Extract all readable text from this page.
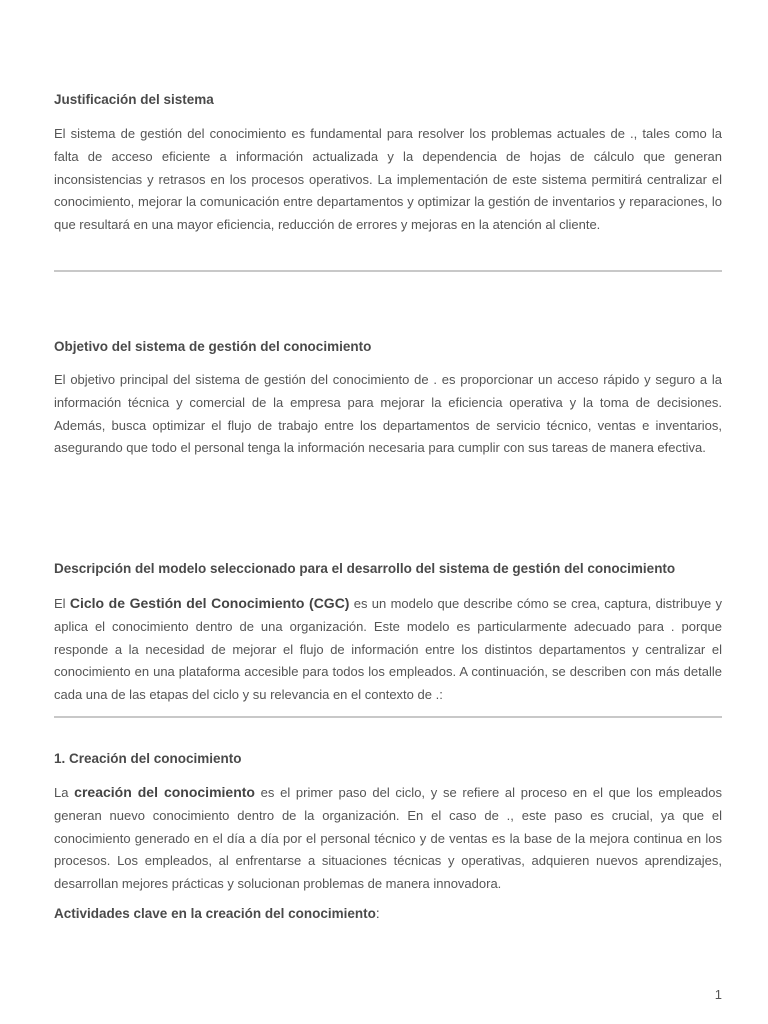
Justificación del sistema

El sistema de gestión del conocimiento es fundamental para resolver los problemas actuales de ., tales como la falta de acceso eficiente a información actualizada y la dependencia de hojas de cálculo que generan inconsistencias y retrasos en los procesos operativos. La implementación de este sistema permitirá centralizar el conocimiento, mejorar la comunicación entre departamentos y optimizar la gestión de inventarios y reparaciones, lo que resultará en una mayor eficiencia, reducción de errores y mejoras en la atención al cliente.

Objetivo del sistema de gestión del conocimiento

El objetivo principal del sistema de gestión del conocimiento de . es proporcionar un acceso rápido y seguro a la información técnica y comercial de la empresa para mejorar la eficiencia operativa y la toma de decisiones. Además, busca optimizar el flujo de trabajo entre los departamentos de servicio técnico, ventas e inventarios, asegurando que todo el personal tenga la información necesaria para cumplir con sus tareas de manera efectiva.

Descripción del modelo seleccionado para el desarrollo del sistema de gestión del conocimiento

El Ciclo de Gestión del Conocimiento (CGC) es un modelo que describe cómo se crea, captura, distribuye y aplica el conocimiento dentro de una organización. Este modelo es particularmente adecuado para . porque responde a la necesidad de mejorar el flujo de información entre los distintos departamentos y centralizar el conocimiento en una plataforma accesible para todos los empleados. A continuación, se describen con más detalle cada una de las etapas del ciclo y su relevancia en el contexto de .:

1. Creación del conocimiento

La creación del conocimiento es el primer paso del ciclo, y se refiere al proceso en el que los empleados generan nuevo conocimiento dentro de la organización. En el caso de ., este paso es crucial, ya que el conocimiento generado en el día a día por el personal técnico y de ventas es la base de la mejora continua en los procesos. Los empleados, al enfrentarse a situaciones técnicas y operativas, adquieren nuevos aprendizajes, desarrollan mejores prácticas y solucionan problemas de manera innovadora.

Actividades clave en la creación del conocimiento:
1
